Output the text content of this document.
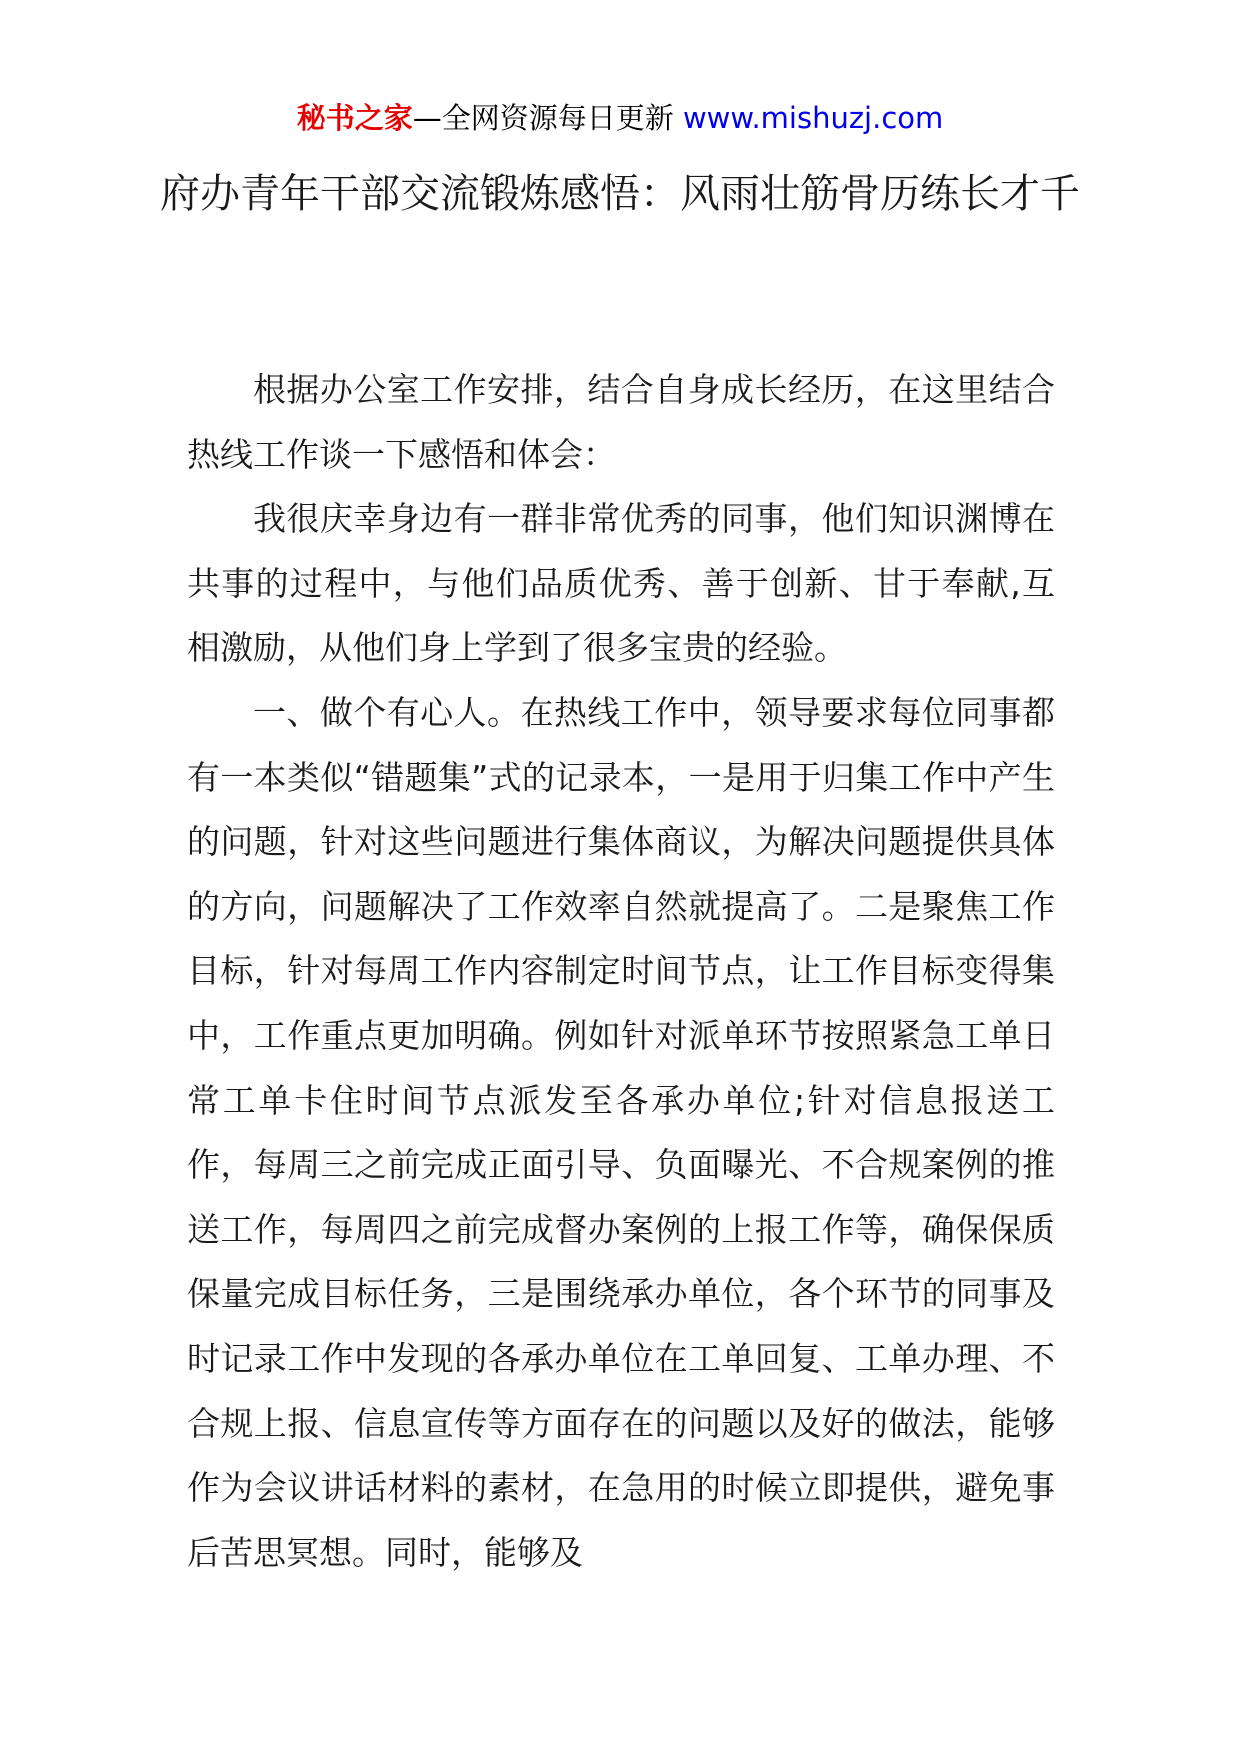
秘书之家—全网资源每日更新 www.mishuzj.com
府办青年干部交流锻炼感悟：风雨壮筋骨历练长才千

根据办公室工作安排，结合自身成长经历，在这里结合热线工作谈一下感悟和体会：

我很庆幸身边有一群非常优秀的同事，他们知识渊博在共事的过程中，与他们品质优秀、善于创新、甘于奉献,互相激励，从他们身上学到了很多宝贵的经验。

一、做个有心人。在热线工作中，领导要求每位同事都有一本类似“错题集”式的记录本，一是用于归集工作中产生的问题，针对这些问题进行集体商议，为解决问题提供具体的方向，问题解决了工作效率自然就提高了。二是聚焦工作目标，针对每周工作内容制定时间节点，让工作目标变得集中，工作重点更加明确。例如针对派单环节按照紧急工单日常工单卡住时间节点派发至各承办单位;针对信息报送工作，每周三之前完成正面引导、负面曝光、不合规案例的推送工作，每周四之前完成督办案例的上报工作等，确保保质保量完成目标任务，三是围绕承办单位，各个环节的同事及时记录工作中发现的各承办单位在工单回复、工单办理、不合规上报、信息宣传等方面存在的问题以及好的做法，能够作为会议讲话材料的素材，在急用的时候立即提供，避免事后苦思冥想。同时，能够及
